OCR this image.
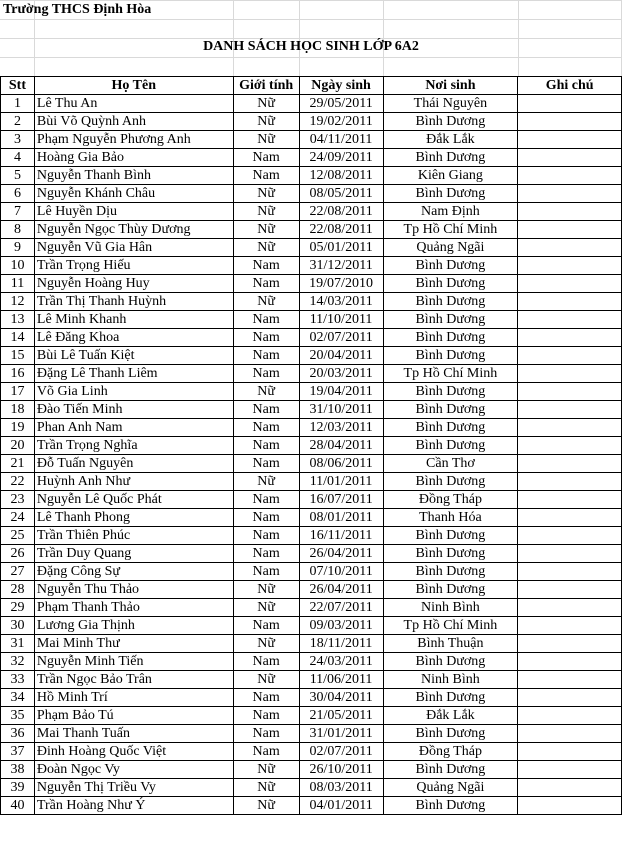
Trường THCS Định Hòa
DANH SÁCH HỌC SINH LỚP 6A2
Stt	Họ Tên	Giới tính	Ngày sinh	Nơi sinh	Ghi chú
1	Lê Thu An	Nữ	29/05/2011	Thái Nguyên	
2	Bùi Võ Quỳnh Anh	Nữ	19/02/2011	Bình Dương	
3	Phạm Nguyễn Phương Anh	Nữ	04/11/2011	Đắk Lắk	
4	Hoàng Gia Bảo	Nam	24/09/2011	Bình Dương	
5	Nguyễn Thanh Bình	Nam	12/08/2011	Kiên Giang	
6	Nguyễn Khánh Châu	Nữ	08/05/2011	Bình Dương	
7	Lê Huyền Dịu	Nữ	22/08/2011	Nam Định	
8	Nguyễn Ngọc Thùy Dương	Nữ	22/08/2011	Tp Hồ Chí Minh	
9	Nguyễn Vũ Gia Hân	Nữ	05/01/2011	Quảng Ngãi	
10	Trần Trọng Hiếu	Nam	31/12/2011	Bình Dương	
11	Nguyễn Hoàng Huy	Nam	19/07/2010	Bình Dương	
12	Trần Thị Thanh Huỳnh	Nữ	14/03/2011	Bình Dương	
13	Lê Minh Khanh	Nam	11/10/2011	Bình Dương	
14	Lê Đăng Khoa	Nam	02/07/2011	Bình Dương	
15	Bùi Lê Tuấn Kiệt	Nam	20/04/2011	Bình Dương	
16	Đặng Lê Thanh Liêm	Nam	20/03/2011	Tp Hồ Chí Minh	
17	Võ Gia Linh	Nữ	19/04/2011	Bình Dương	
18	Đào Tiến Minh	Nam	31/10/2011	Bình Dương	
19	Phan Anh Nam	Nam	12/03/2011	Bình Dương	
20	Trần Trọng Nghĩa	Nam	28/04/2011	Bình Dương	
21	Đỗ Tuấn Nguyên	Nam	08/06/2011	Cần Thơ	
22	Huỳnh Anh Như	Nữ	11/01/2011	Bình Dương	
23	Nguyễn Lê Quốc Phát	Nam	16/07/2011	Đồng Tháp	
24	Lê Thanh Phong	Nam	08/01/2011	Thanh Hóa	
25	Trần Thiên Phúc	Nam	16/11/2011	Bình Dương	
26	Trần Duy Quang	Nam	26/04/2011	Bình Dương	
27	Đặng Công Sự	Nam	07/10/2011	Bình Dương	
28	Nguyễn Thu Thảo	Nữ	26/04/2011	Bình Dương	
29	Phạm Thanh Thảo	Nữ	22/07/2011	Ninh Bình	
30	Lương Gia Thịnh	Nam	09/03/2011	Tp Hồ Chí Minh	
31	Mai Minh Thư	Nữ	18/11/2011	Bình Thuận	
32	Nguyễn Minh Tiến	Nam	24/03/2011	Bình Dương	
33	Trần Ngọc Bảo Trân	Nữ	11/06/2011	Ninh Bình	
34	Hồ Minh Trí	Nam	30/04/2011	Bình Dương	
35	Phạm Bảo Tú	Nam	21/05/2011	Đắk Lắk	
36	Mai Thanh Tuấn	Nam	31/01/2011	Bình Dương	
37	Đinh Hoàng Quốc Việt	Nam	02/07/2011	Đồng Tháp	
38	Đoàn Ngọc Vy	Nữ	26/10/2011	Bình Dương	
39	Nguyễn Thị Triều Vy	Nữ	08/03/2011	Quảng Ngãi	
40	Trần Hoàng Như Ý	Nữ	04/01/2011	Bình Dương	
